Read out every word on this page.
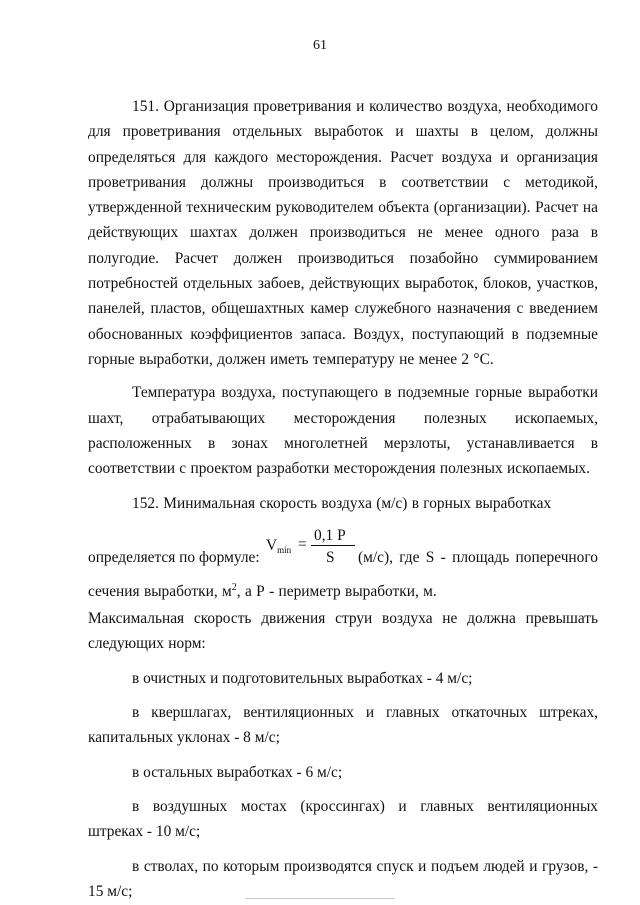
61

151. Организация проветривания и количество воздуха, необходимого для проветривания отдельных выработок и шахты в целом, должны определяться для каждого месторождения. Расчет воздуха и организация проветривания должны производиться в соответствии с методикой, утвержденной техническим руководителем объекта (организации). Расчет на действующих шахтах должен производиться не менее одного раза в полугодие. Расчет должен производиться позабойно суммированием потребностей отдельных забоев, действующих выработок, блоков, участков, панелей, пластов, общешахтных камер служебного назначения с введением обоснованных коэффициентов запаса. Воздух, поступающий в подземные горные выработки, должен иметь температуру не менее 2 °С.

Температура воздуха, поступающего в подземные горные выработки шахт, отрабатывающих месторождения полезных ископаемых, расположенных в зонах многолетней мерзлоты, устанавливается в соответствии с проектом разработки месторождения полезных ископаемых.

152. Минимальная скорость воздуха (м/с) в горных выработках

определяется по формуле:
$V_{min}$ =
0,1 P
S (м/с), где S - площадь поперечного

сечения выработки, $м^2$, а Р - периметр выработки, м.

Максимальная скорость движения струи воздуха не должна превышать следующих норм:

в очистных и подготовительных выработках - 4 м/с;

в квершлагах, вентиляционных и главных откаточных штреках, капитальных уклонах - 8 м/с;

в остальных выработках - 6 м/с;

в воздушных мостах (кроссингах) и главных вентиляционных штреках - 10 м/с;

в стволах, по которым производятся спуск и подъем людей и грузов, - 15 м/с;
